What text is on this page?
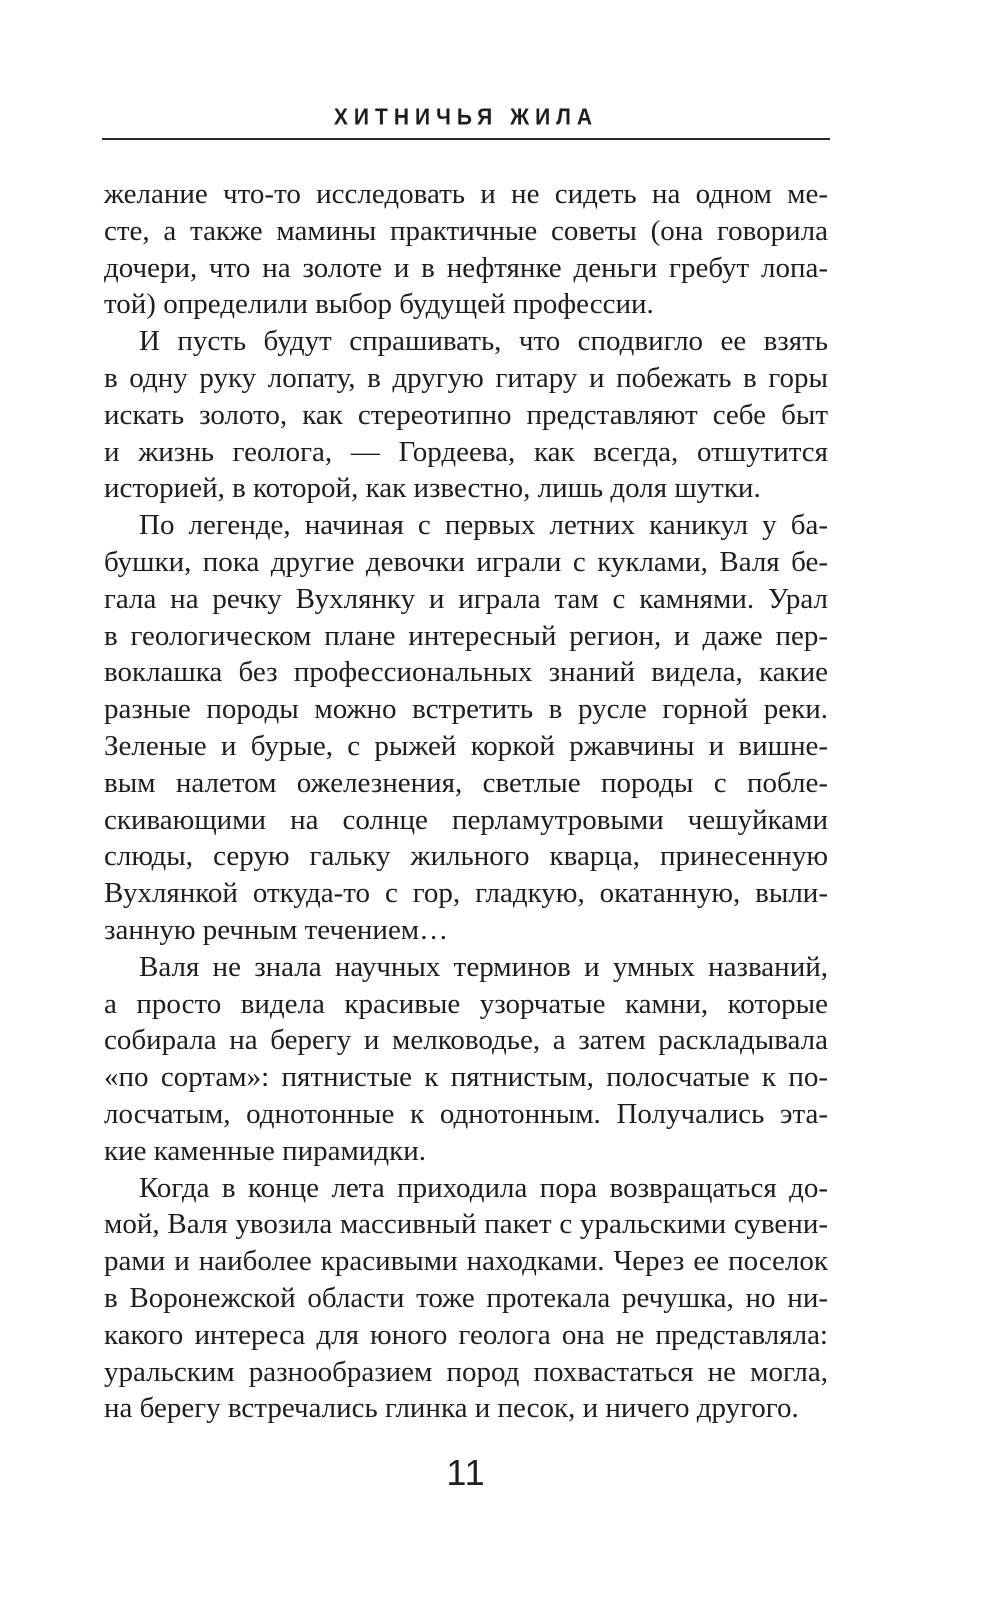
ХИТНИЧЬЯ ЖИЛА
желание что-то исследовать и не сидеть на одном ме-
сте, а также мамины практичные советы (она говорила
дочери, что на золоте и в нефтянке деньги гребут лопа-
той) определили выбор будущей профессии.
И пусть будут спрашивать, что сподвигло ее взять
в одну руку лопату, в другую гитару и побежать в горы
искать золото, как стереотипно представляют себе быт
и жизнь геолога, — Гордеева, как всегда, отшутится
историей, в которой, как известно, лишь доля шутки.
По легенде, начиная с первых летних каникул у ба-
бушки, пока другие девочки играли с куклами, Валя бе-
гала на речку Вухлянку и играла там с камнями. Урал
в геологическом плане интересный регион, и даже пер-
воклашка без профессиональных знаний видела, какие
разные породы можно встретить в русле горной реки.
Зеленые и бурые, с рыжей коркой ржавчины и вишне-
вым налетом ожелезнения, светлые породы с побле-
скивающими на солнце перламутровыми чешуйками
слюды, серую гальку жильного кварца, принесенную
Вухлянкой откуда-то с гор, гладкую, окатанную, выли-
занную речным течением…
Валя не знала научных терминов и умных названий,
а просто видела красивые узорчатые камни, которые
собирала на берегу и мелководье, а затем раскладывала
«по сортам»: пятнистые к пятнистым, полосчатые к по-
лосчатым, однотонные к однотонным. Получались эта-
кие каменные пирамидки.
Когда в конце лета приходила пора возвращаться до-
мой, Валя увозила массивный пакет с уральскими сувени-
рами и наиболее красивыми находками. Через ее поселок
в Воронежской области тоже протекала речушка, но ни-
какого интереса для юного геолога она не представляла:
уральским разнообразием пород похвастаться не могла,
на берегу встречались глинка и песок, и ничего другого.
11
